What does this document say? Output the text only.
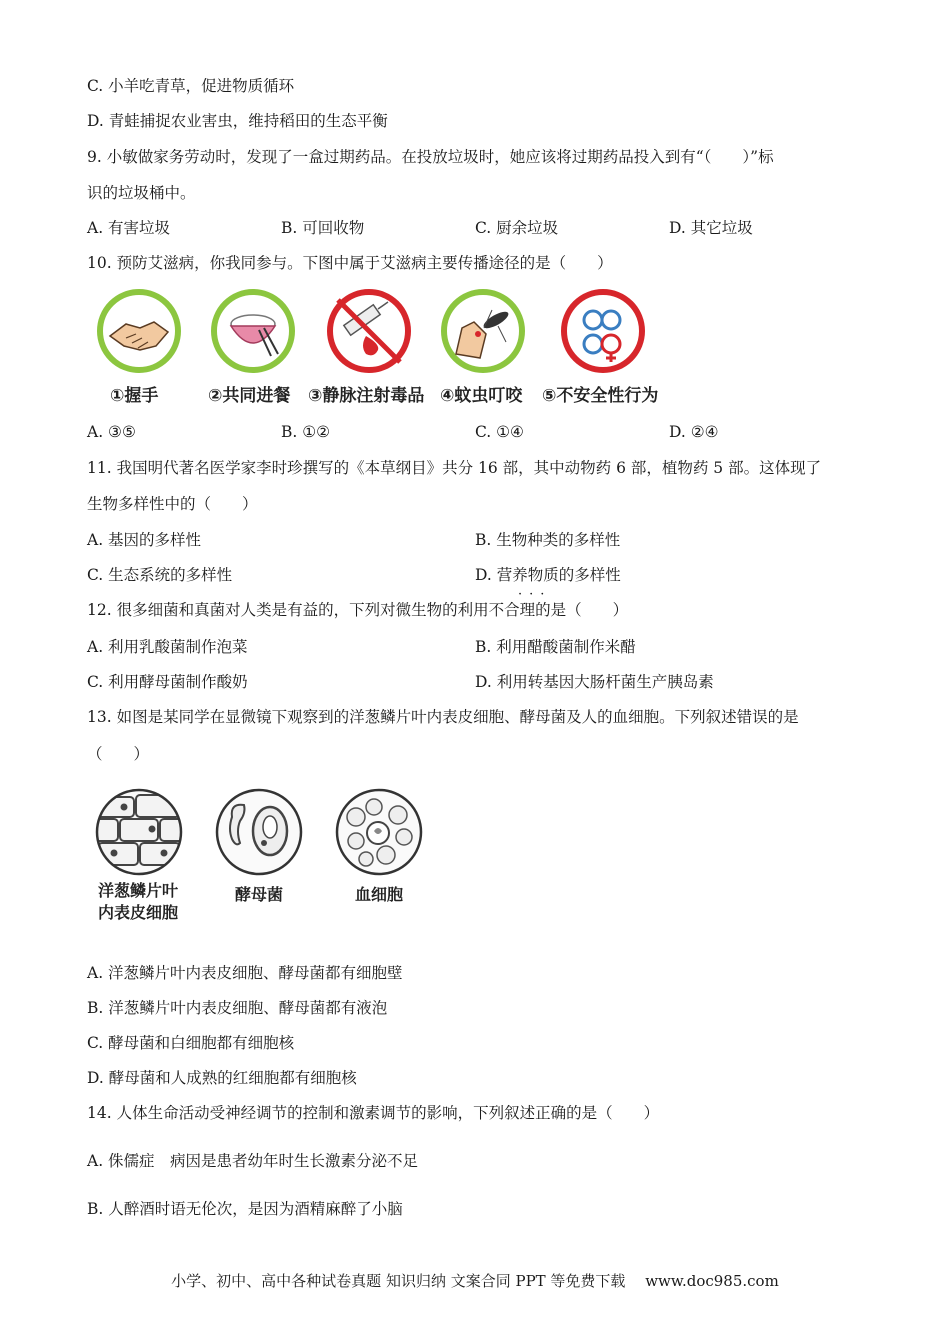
C. 小羊吃青草，促进物质循环
D. 青蛙捕捉农业害虫，维持稻田的生态平衡
9. 小敏做家务劳动时，发现了一盒过期药品。在投放垃圾时，她应该将过期药品投入到有“（　　）”标
识的垃圾桶中。
A. 有害垃圾	B. 可回收物	C. 厨余垃圾	D. 其它垃圾
10. 预防艾滋病，你我同参与。下图中属于艾滋病主要传播途径的是（　　）
①握手	②共同进餐 ③静脉注射毒品 ④蚊虫叮咬 ⑤不安全性行为
A. ③⑤	B. ①②	C. ①④	D. ②④
11. 我国明代著名医学家李时珍撰写的《本草纲目》共分 16 部，其中动物药 6 部，植物药 5 部。这体现了
生物多样性中的（　　）
A. 基因的多样性	B. 生物种类的多样性
C. 生态系统的多样性	D. 营养物质的多样性
···
12. 很多细菌和真菌对人类是有益的，下列对微生物的利用不合理的是（　　）
A. 利用乳酸菌制作泡菜	B. 利用醋酸菌制作米醋
C. 利用酵母菌制作酸奶	D. 利用转基因大肠杆菌生产胰岛素
13. 如图是某同学在显微镜下观察到的洋葱鳞片叶内表皮细胞、酵母菌及人的血细胞。下列叙述错误的是
（　　）
洋葱鳞片叶
内表皮细胞
酵母菌	血细胞
A. 洋葱鳞片叶内表皮细胞、酵母菌都有细胞壁
B. 洋葱鳞片叶内表皮细胞、酵母菌都有液泡
C. 酵母菌和白细胞都有细胞核
D. 酵母菌和人成熟的红细胞都有细胞核
14. 人体生命活动受神经调节的控制和激素调节的影响，下列叙述正确的是（　　）
A. 侏儒症　病因是患者幼年时生长激素分泌不足
B. 人醉酒时语无伦次，是因为酒精麻醉了小脑
小学、初中、高中各种试卷真题 知识归纳 文案合同 PPT 等免费下载　 www.doc985.com
